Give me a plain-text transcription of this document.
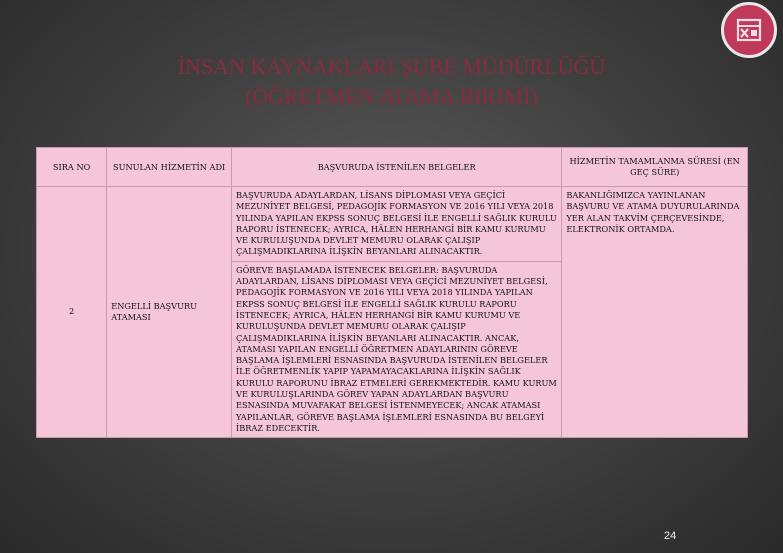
İNSAN KAYNAKLARI ŞUBE MÜDÜRLÜĞÜ
(ÖĞRETMEN ATAMA BIRIMİ)
SIRA NO	SUNULAN HİZMETİN ADI	BAŞVURUDA İSTENİLEN BELGELER	HİZMETİN TAMAMLANMA SÜRESİ (EN GEÇ SÜRE)
2	ENGELLİ BAŞVURU ATAMASI	BAŞVURUDA ADAYLARDAN, LİSANS DİPLOMASI VEYA GEÇİCİ MEZUNİYET BELGESİ, PEDAGOJİK FORMASYON VE 2016 YILI VEYA 2018 YILINDA YAPILAN EKPSS SONUÇ BELGESİ İLE ENGELLİ SAĞLIK KURULU RAPORU İSTENECEK; AYRICA, HÂLEN HERHANGİ BİR KAMU KURUMU VE KURULUŞUNDA DEVLET MEMURU OLARAK ÇALIŞIP ÇALIŞMADIKLARINA İLİŞKİN BEYANLARI ALINACAKTIR.	BAKANLIĞIMIZCA YAYINLANAN BAŞVURU VE ATAMA DUYURULARINDA YER ALAN TAKVİM ÇERÇEVESİNDE, ELEKTRONİK ORTAMDA.
		GÖREVE BAŞLAMADA İSTENECEK BELGELER: BAŞVURUDA ADAYLARDAN, LİSANS DİPLOMASI VEYA GEÇİCİ MEZUNİYET BELGESİ, PEDAGOJİK FORMASYON VE 2016 YILI VEYA 2018 YILINDA YAPILAN EKPSS SONUÇ BELGESİ İLE ENGELLİ SAĞLIK KURULU RAPORU İSTENECEK; AYRICA, HÂLEN HERHANGİ BİR KAMU KURUMU VE KURULUŞUNDA DEVLET MEMURU OLARAK ÇALIŞIP ÇALIŞMADIKLARINA İLİŞKİN BEYANLARI ALINACAKTIR. ANCAK, ATAMASI YAPILAN ENGELLİ ÖĞRETMEN ADAYLARININ GÖREVE BAŞLAMA İŞLEMLERİ ESNASINDA BAŞVURUDA İSTENİLEN BELGELER İLE ÖĞRETMENLİK YAPIP YAPAMAYACAKLARINA İLİŞKİN SAĞLIK KURULU RAPORUNU İBRAZ ETMELERİ GEREKMEKTEDİR. KAMU KURUM VE KURULUŞLARINDA GÖREV YAPAN ADAYLARDAN BAŞVURU ESNASINDA MUVAFAKAT BELGESİ İSTENMEYECEK; ANCAK ATAMASI YAPILANLAR, GÖREVE BAŞLAMA İŞLEMLERİ ESNASINDA BU BELGEYİ İBRAZ EDECEKTİR.	
24
